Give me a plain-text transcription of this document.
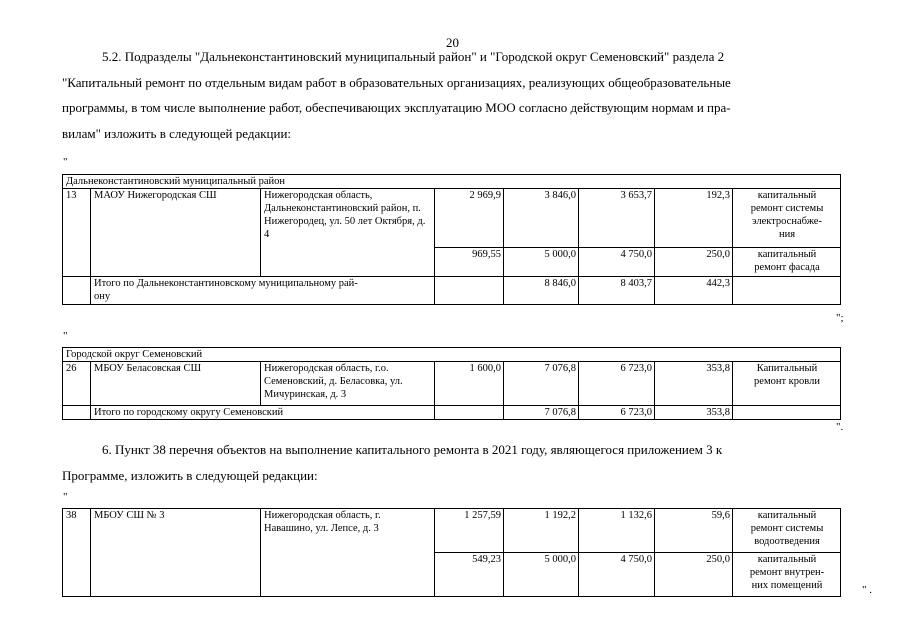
20
5.2. Подразделы "Дальнеконстантиновский муниципальный район" и "Городской округ Семеновский" раздела 2
"Капитальный ремонт по отдельным видам работ в образовательных организациях, реализующих общеобразовательные
программы, в том числе выполнение работ, обеспечивающих эксплуатацию МОО согласно действующим нормам и пра-
вилам" изложить в следующей редакции:
"
Дальнеконстантиновский муниципальный район							
13	МАОУ Нижегородская СШ	Нижегородская область, Дальнеконстантиновский район, п. Нижегородец, ул. 50 лет Октября, д. 4	2 969,9	3 846,0	3 653,7	192,3	капитальный
ремонт системы
электроснабже-
ния

			969,55	5 000,0	4 750,0	250,0	капитальный
ремонт фасада

	Итого по Дальнеконстантиновскому муниципальному рай-
ону			8 846,0	8 403,7	442,3	
";
"
Городской округ Семеновский							
26	МБОУ Беласовская СШ	Нижегородская область, г.о. Семеновский, д. Беласовка, ул. Мичуринская, д. 3	1 600,0	7 076,8	6 723,0	353,8	Капитальный
ремонт кровли

	Итого по городскому округу Семеновский			7 076,8	6 723,0	353,8	
".
6. Пункт 38 перечня объектов на выполнение капитального ремонта в 2021 году, являющегося приложением 3 к
Программе, изложить в следующей редакции:
"
38	МБОУ СШ № 3	Нижегородская область, г. Навашино, ул. Лепсе, д. 3	1 257,59	1 192,2	1 132,6	59,6	капитальный
ремонт системы
водоотведения

			549,23	5 000,0	4 750,0	250,0	капитальный
ремонт внутрен-
них помещений	" .
